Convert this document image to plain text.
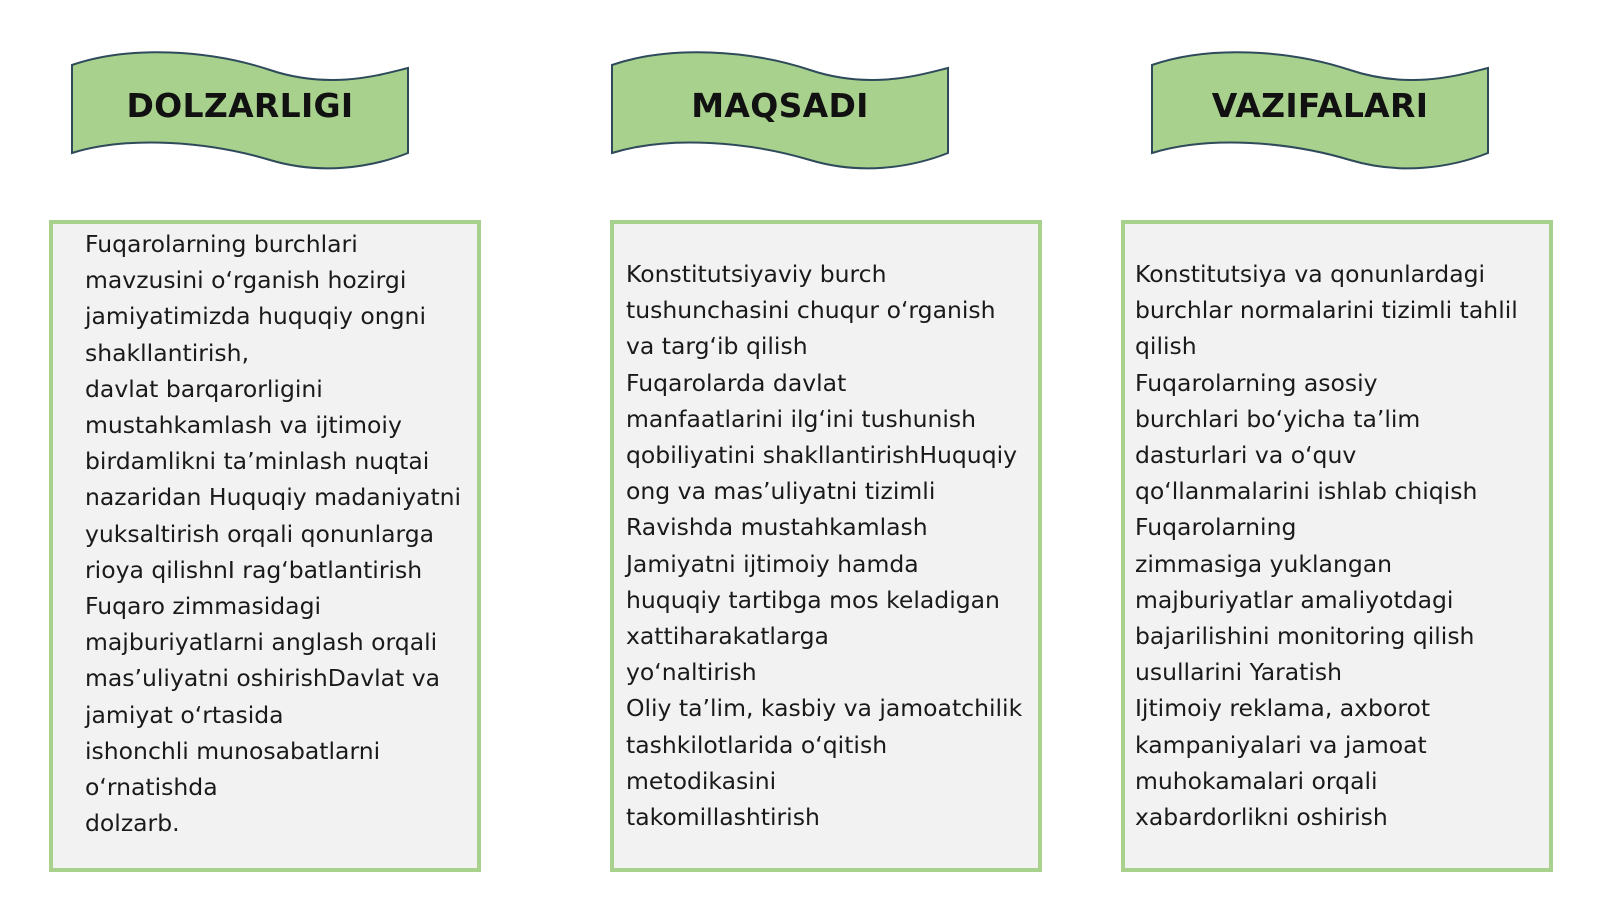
DOLZARLIGI
Fuqarolarning burchlari
mavzusini o‘rganish hozirgi
jamiyatimizda huquqiy ongni
shakllantirish,
davlat barqarorligini
mustahkamlash va ijtimoiy
birdamlikni ta’minlash nuqtai
nazaridan Huquqiy madaniyatni
yuksaltirish orqali qonunlarga
rioya qilishnI rag‘batlantirish
Fuqaro zimmasidagi
majburiyatlarni anglash orqali
mas’uliyatni oshirishDavlat va
jamiyat o‘rtasida
ishonchli munosabatlarni
o‘rnatishda
dolzarb.
MAQSADI
Konstitutsiyaviy burch
tushunchasini chuqur o‘rganish
va targ‘ib qilish
Fuqarolarda davlat
manfaatlarini ilg‘ini tushunish
qobiliyatini shakllantirishHuquqiy
ong va mas’uliyatni tizimli
Ravishda mustahkamlash
Jamiyatni ijtimoiy hamda
huquqiy tartibga mos keladigan
xattiharakatlarga
yo‘naltirish
Oliy ta’lim, kasbiy va jamoatchilik
tashkilotlarida o‘qitish
metodikasini
takomillashtirish
VAZIFALARI
Konstitutsiya va qonunlardagi
burchlar normalarini tizimli tahlil
qilish
Fuqarolarning asosiy
burchlari bo‘yicha ta’lim
dasturlari va o‘quv
qo‘llanmalarini ishlab chiqish
Fuqarolarning
zimmasiga yuklangan
majburiyatlar amaliyotdagi
bajarilishini monitoring qilish
usullarini Yaratish
Ijtimoiy reklama, axborot
kampaniyalari va jamoat
muhokamalari orqali
xabardorlikni oshirish
